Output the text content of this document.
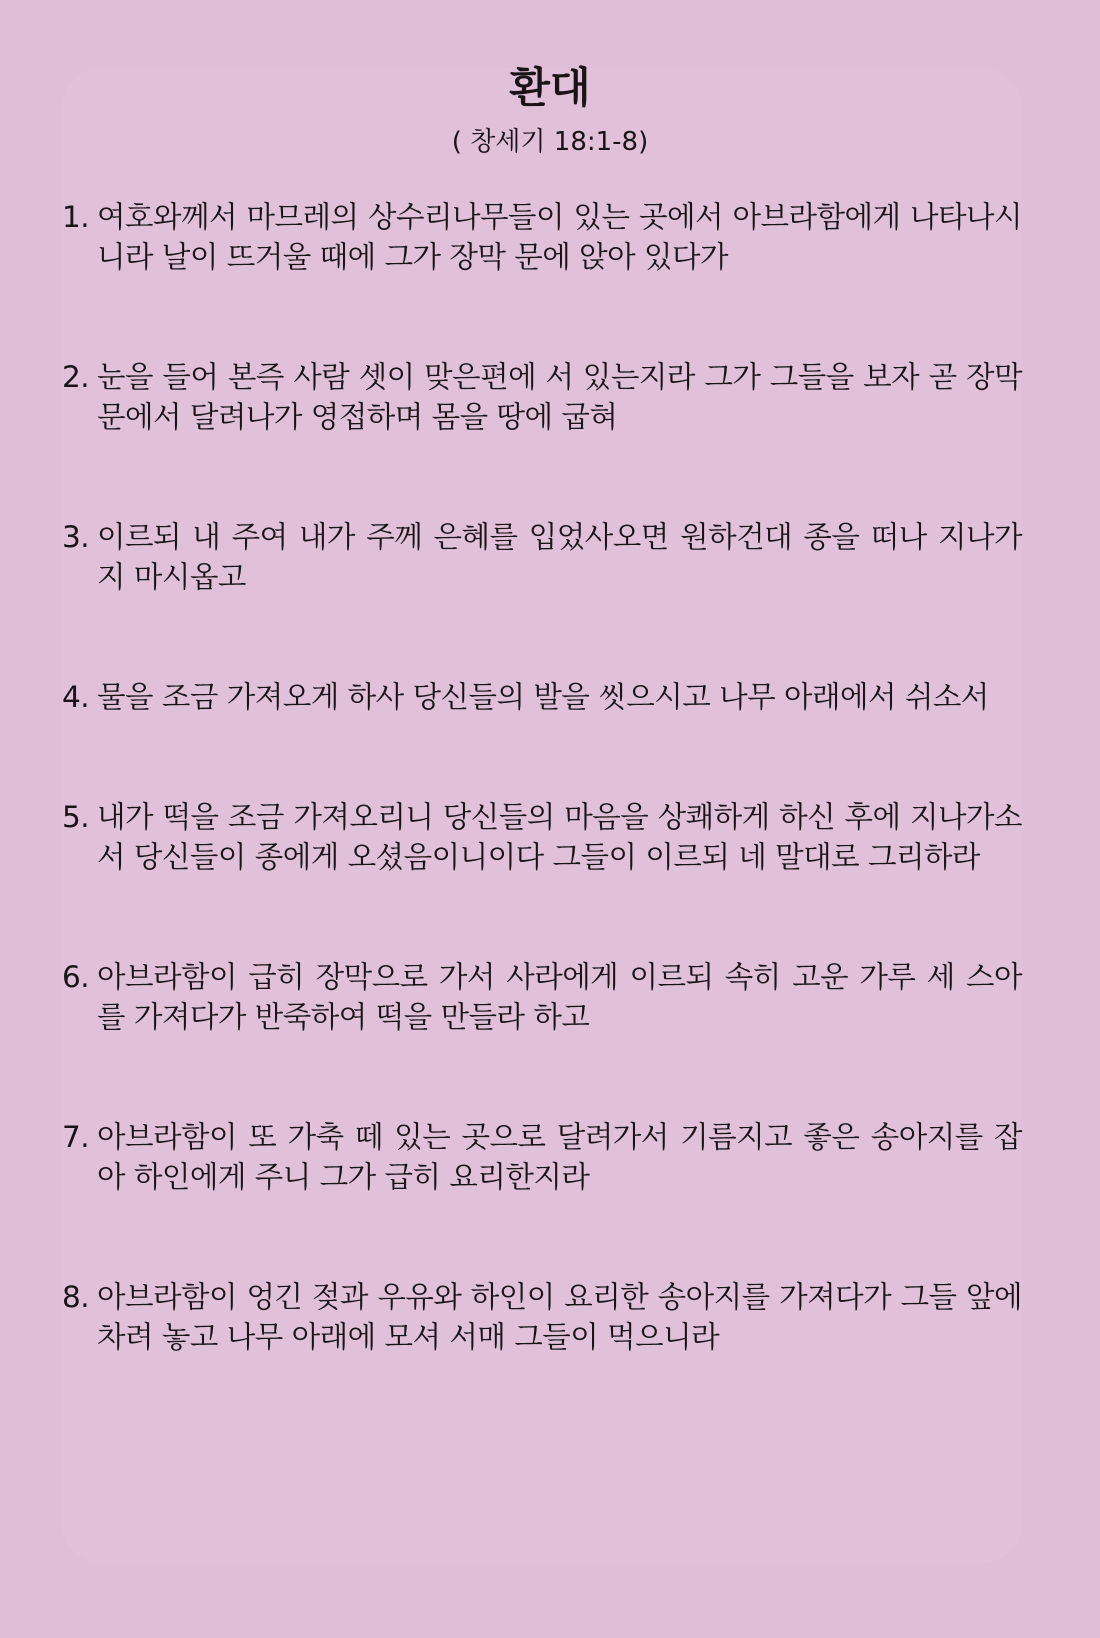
환대

( 창세기 18:1-8)

1. 여호와께서 마므레의 상수리나무들이 있는 곳에서 아브라함에게 나타나시니라 날이 뜨거울 때에 그가 장막 문에 앉아 있다가
2. 눈을 들어 본즉 사람 셋이 맞은편에 서 있는지라 그가 그들을 보자 곧 장막 문에서 달려나가 영접하며 몸을 땅에 굽혀
3. 이르되 내 주여 내가 주께 은혜를 입었사오면 원하건대 종을 떠나 지나가지 마시옵고
4. 물을 조금 가져오게 하사 당신들의 발을 씻으시고 나무 아래에서 쉬소서
5. 내가 떡을 조금 가져오리니 당신들의 마음을 상쾌하게 하신 후에 지나가소서 당신들이 종에게 오셨음이니이다 그들이 이르되 네 말대로 그리하라
6. 아브라함이 급히 장막으로 가서 사라에게 이르되 속히 고운 가루 세 스아를 가져다가 반죽하여 떡을 만들라 하고
7. 아브라함이 또 가축 떼 있는 곳으로 달려가서 기름지고 좋은 송아지를 잡아 하인에게 주니 그가 급히 요리한지라
8. 아브라함이 엉긴 젖과 우유와 하인이 요리한 송아지를 가져다가 그들 앞에 차려 놓고 나무 아래에 모셔 서매 그들이 먹으니라
